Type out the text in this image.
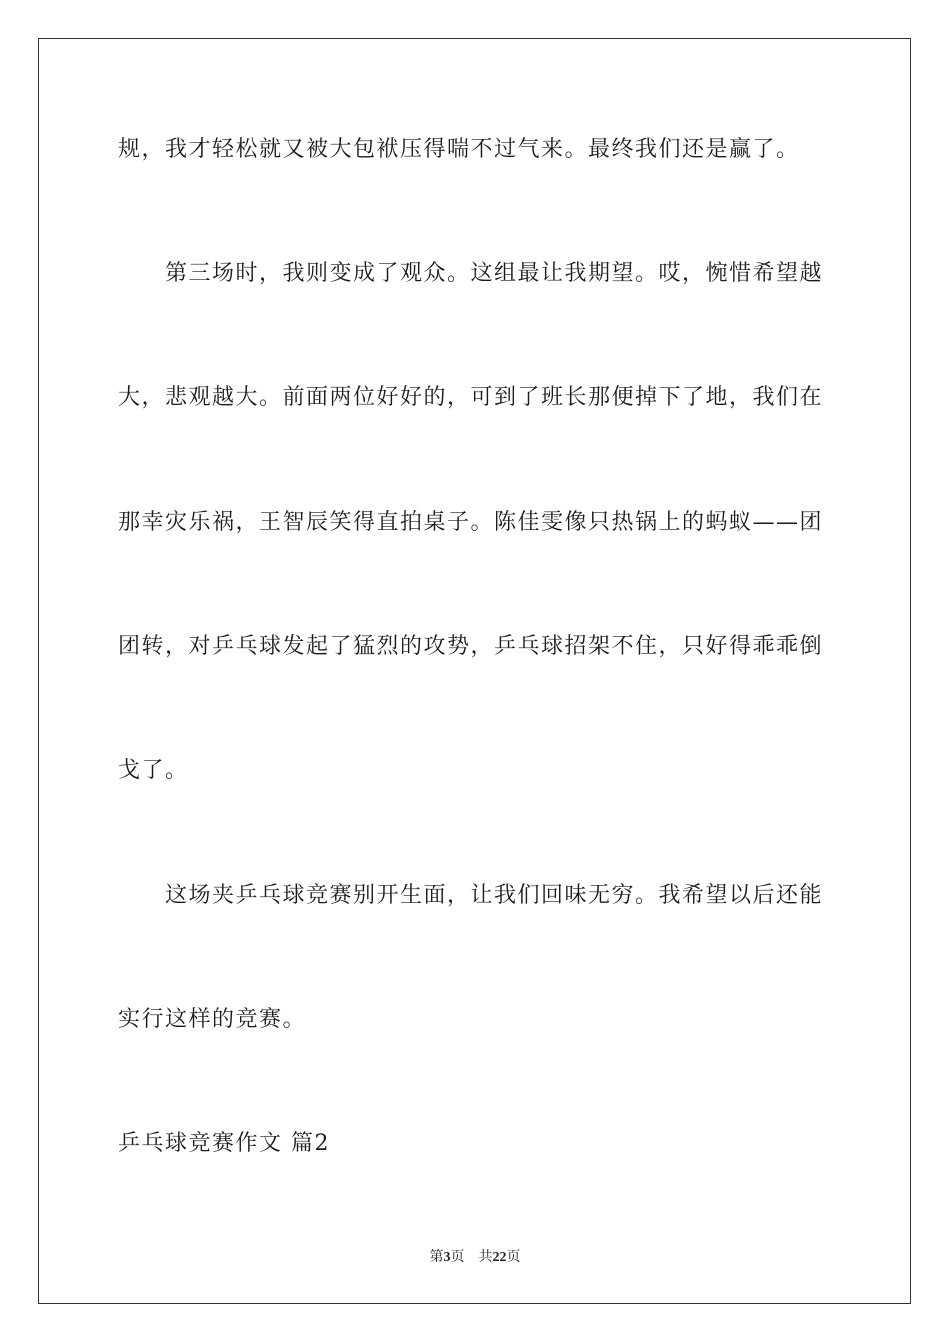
规，我才轻松就又被大包袱压得喘不过气来。最终我们还是赢了。
第三场时，我则变成了观众。这组最让我期望。哎，惋惜希望越
大，悲观越大。前面两位好好的，可到了班长那便掉下了地，我们在
那幸灾乐祸，王智辰笑得直拍桌子。陈佳雯像只热锅上的蚂蚁——团
团转，对乒乓球发起了猛烈的攻势，乒乓球招架不住，只好得乖乖倒
戈了。
这场夹乒乓球竞赛别开生面，让我们回味无穷。我希望以后还能
实行这样的竞赛。
乒乓球竞赛作文 篇2
第3页　共22页
